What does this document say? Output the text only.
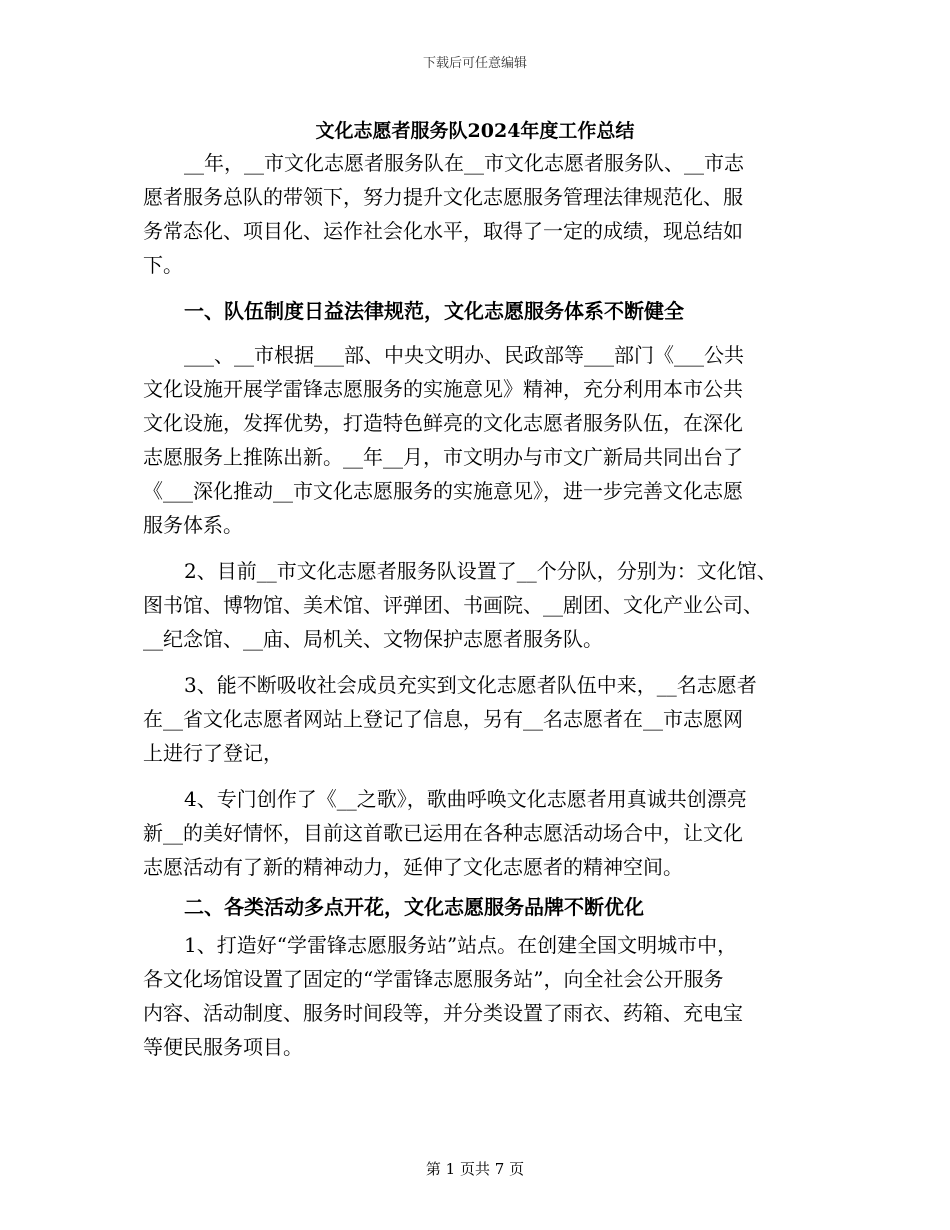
下载后可任意编辑
文化志愿者服务队2024年度工作总结
__年，__市文化志愿者服务队在__市文化志愿者服务队、__市志
愿者服务总队的带领下，努力提升文化志愿服务管理法律规范化、服
务常态化、项目化、运作社会化水平，取得了一定的成绩，现总结如
下。
一、队伍制度日益法律规范，文化志愿服务体系不断健全
___、__市根据___部、中央文明办、民政部等___部门《___公共
文化设施开展学雷锋志愿服务的实施意见》精神，充分利用本市公共
文化设施，发挥优势，打造特色鲜亮的文化志愿者服务队伍，在深化
志愿服务上推陈出新。__年__月，市文明办与市文广新局共同出台了
《___深化推动__市文化志愿服务的实施意见》，进一步完善文化志愿
服务体系。
2、目前__市文化志愿者服务队设置了__个分队，分别为：文化馆、
图书馆、博物馆、美术馆、评弹团、书画院、__剧团、文化产业公司、
__纪念馆、__庙、局机关、文物保护志愿者服务队。
3、能不断吸收社会成员充实到文化志愿者队伍中来，__名志愿者
在__省文化志愿者网站上登记了信息，另有__名志愿者在__市志愿网
上进行了登记，
4、专门创作了《__之歌》，歌曲呼唤文化志愿者用真诚共创漂亮
新__的美好情怀，目前这首歌已运用在各种志愿活动场合中，让文化
志愿活动有了新的精神动力，延伸了文化志愿者的精神空间。
二、各类活动多点开花，文化志愿服务品牌不断优化
1、打造好“学雷锋志愿服务站”站点。在创建全国文明城市中，
各文化场馆设置了固定的“学雷锋志愿服务站”，向全社会公开服务
内容、活动制度、服务时间段等，并分类设置了雨衣、药箱、充电宝
等便民服务项目。
第 1 页共 7 页
